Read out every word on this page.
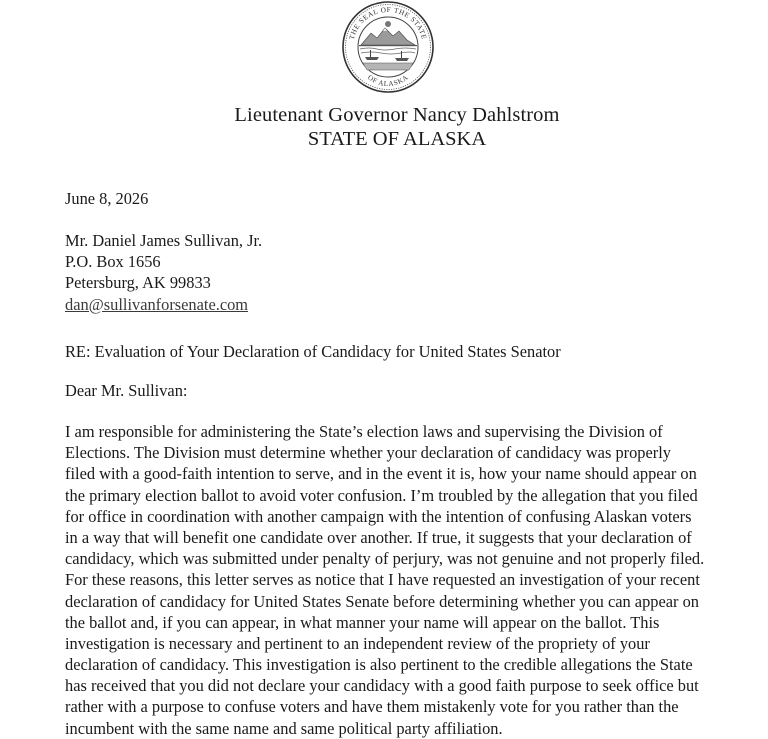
THE SEAL OF THE STATE
OF ALASKA
Lieutenant Governor Nancy Dahlstrom
STATE OF ALASKA
June 8, 2026
Mr. Daniel James Sullivan, Jr.
P.O. Box 1656
Petersburg, AK 99833
dan@sullivanforsenate.com
RE: Evaluation of Your Declaration of Candidacy for United States Senator
Dear Mr. Sullivan:
I am responsible for administering the State’s election laws and supervising the Division of
Elections. The Division must determine whether your declaration of candidacy was properly
filed with a good-faith intention to serve, and in the event it is, how your name should appear on
the primary election ballot to avoid voter confusion. I’m troubled by the allegation that you filed
for office in coordination with another campaign with the intention of confusing Alaskan voters
in a way that will benefit one candidate over another. If true, it suggests that your declaration of
candidacy, which was submitted under penalty of perjury, was not genuine and not properly filed.
For these reasons, this letter serves as notice that I have requested an investigation of your recent
declaration of candidacy for United States Senate before determining whether you can appear on
the ballot and, if you can appear, in what manner your name will appear on the ballot. This
investigation is necessary and pertinent to an independent review of the propriety of your
declaration of candidacy. This investigation is also pertinent to the credible allegations the State
has received that you did not declare your candidacy with a good faith purpose to seek office but
rather with a purpose to confuse voters and have them mistakenly vote for you rather than the
incumbent with the same name and same political party affiliation.
